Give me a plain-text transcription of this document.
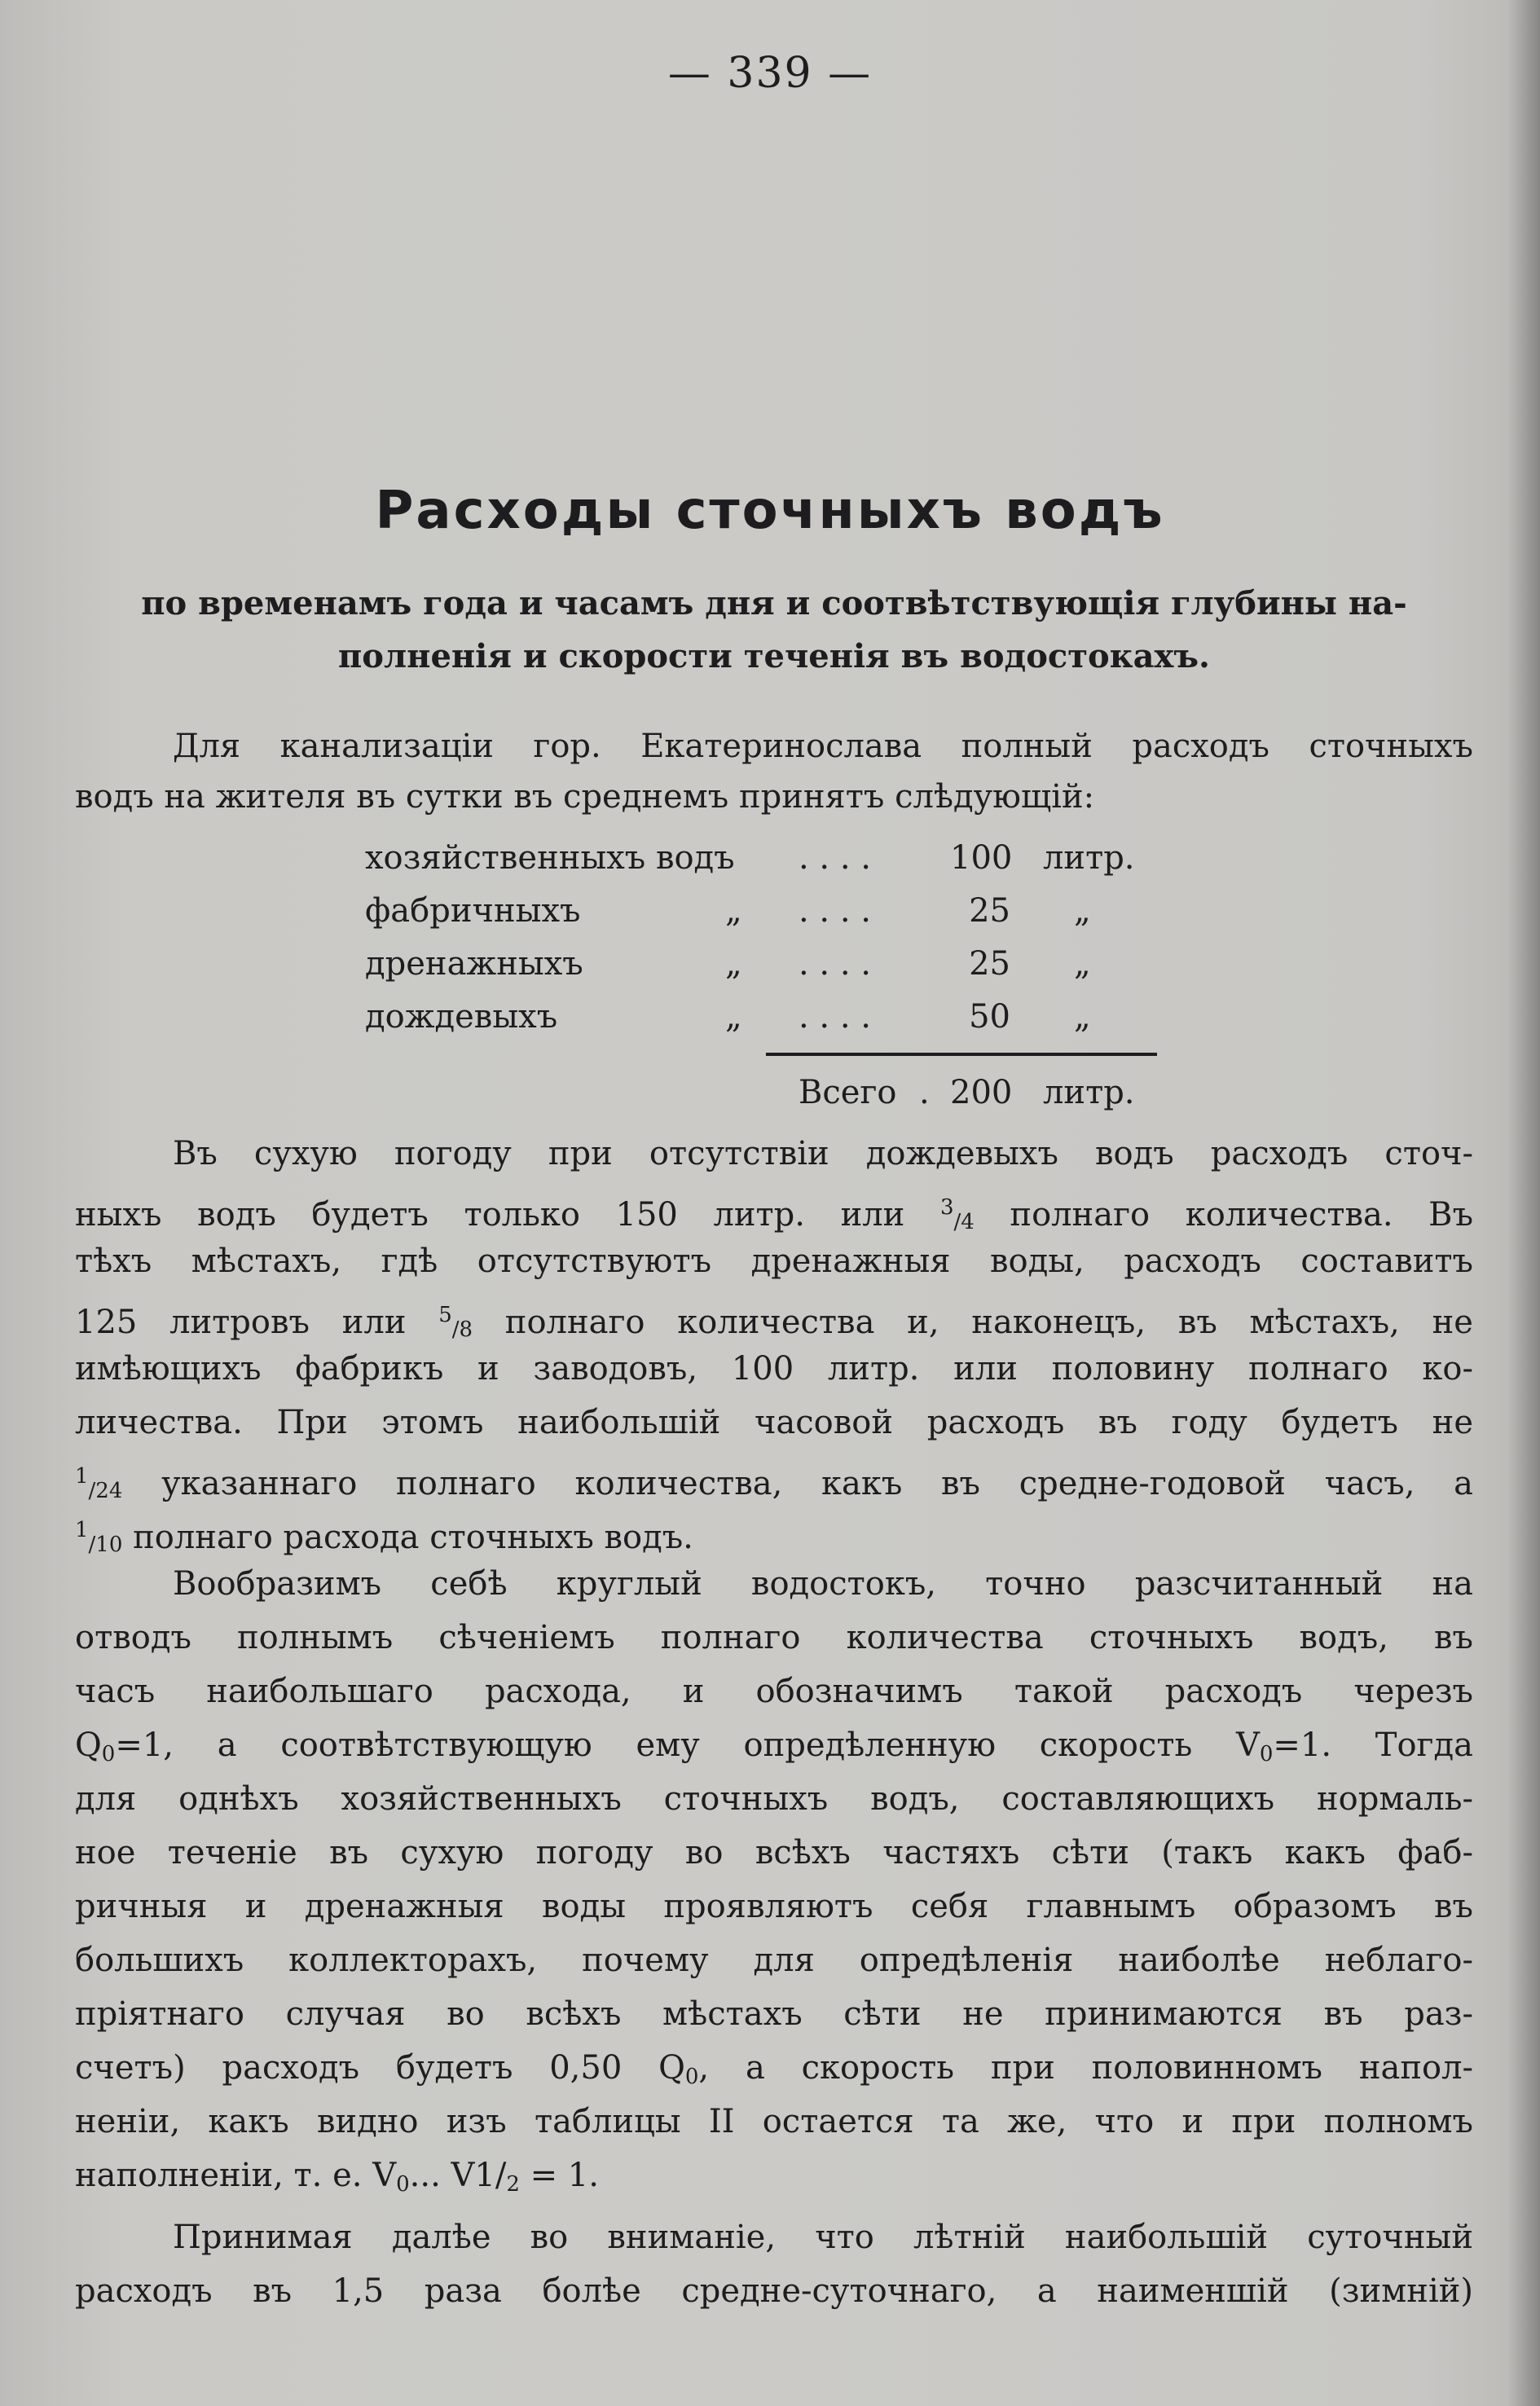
— 339 —
Расходы сточныхъ водъ
по временамъ года и часамъ дня и соотвѣтствующія глубины на-
полненія и скорости теченія въ водостокахъ.
Для канализаціи гор. Екатеринослава полный расходъ сточныхъ
водъ на жителя въ сутки въ среднемъ принятъ слѣдующій:
хозяйственныхъ водъ . . . . 100 литр.
фабричныхъ	„ . . . .	25 „
дренажныхъ	„ . . . .	25 „
дождевыхъ	„ . . . .	50 „
Всего . 200 литр.
Въ сухую погоду при отсутствіи дождевыхъ водъ расходъ сточ-
ныхъ водъ будетъ только 150 литр. или $^3$/4 полнаго количества. Въ
тѣхъ мѣстахъ, гдѣ отсутствуютъ дренажныя воды, расходъ составитъ
125 литровъ или $^5$/8 полнаго количества и, наконецъ, въ мѣстахъ, не
имѣющихъ фабрикъ и заводовъ, 100 литр. или половину полнаго ко-
личества. При этомъ наибольшій часовой расходъ въ году будетъ не
$^1$/24 указаннаго полнаго количества, какъ въ средне-годовой часъ, а
$^1$/10 полнаго расхода сточныхъ водъ.
Вообразимъ себѣ круглый водостокъ, точно разсчитанный на
отводъ полнымъ сѣченіемъ полнаго количества сточныхъ водъ, въ
часъ наибольшаго расхода, и обозначимъ такой расходъ черезъ
$Q_0=1$, а соотвѣтствующую ему опредѣленную скорость $V_0=1$. Тогда
для однѣхъ хозяйственныхъ сточныхъ водъ, составляющихъ нормаль-
ное теченіе въ сухую погоду во всѣхъ частяхъ сѣти (такъ какъ фаб-
ричныя и дренажныя воды проявляютъ себя главнымъ образомъ въ
большихъ коллекторахъ, почему для опредѣленія наиболѣе неблаго-
пріятнаго случая во всѣхъ мѣстахъ сѣти не принимаются въ раз-
счетъ) расходъ будетъ 0,50 $Q_0$, а скорость при половинномъ напол-
неніи, какъ видно изъ таблицы II остается та же, что и при полномъ
наполненіи, т. е. $V_0$... $V1/_2 = 1$.
Принимая далѣе во вниманіе, что лѣтній наибольшій суточный
расходъ въ 1,5 раза болѣе средне-суточнаго, а наименшій (зимній)
